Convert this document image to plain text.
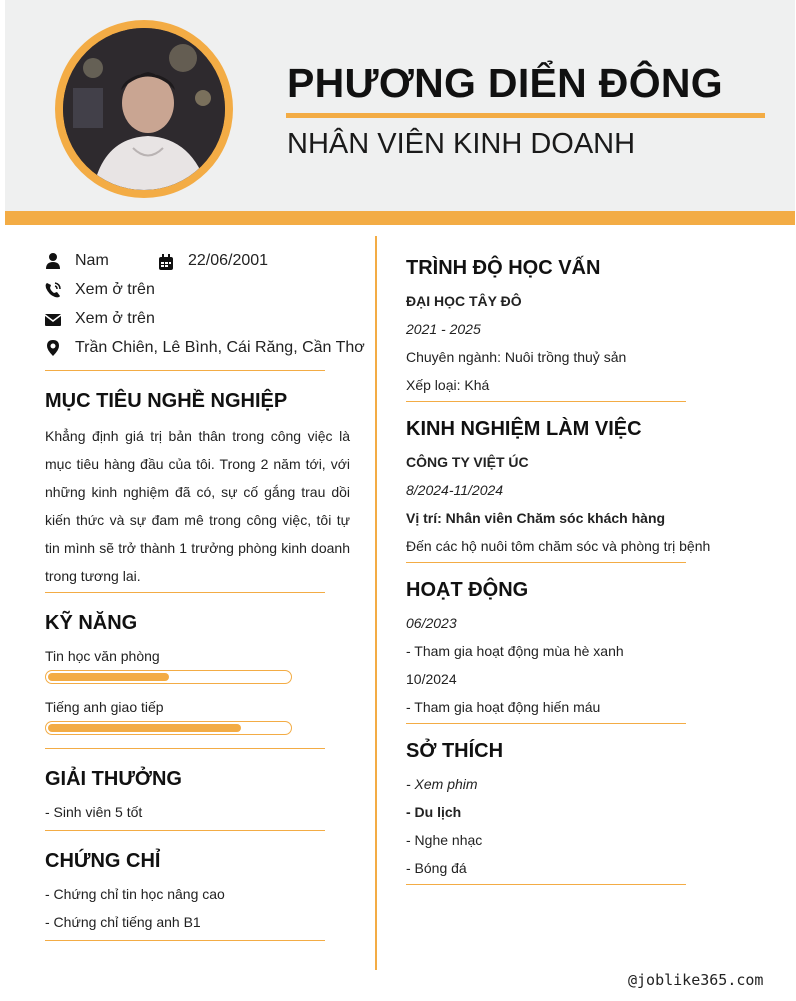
PHƯƠNG DIỂN ĐÔNG
NHÂN VIÊN KINH DOANH
Nam	22/06/2001
Xem ở trên
Xem ở trên
Trần Chiên, Lê Bình, Cái Răng, Cần Thơ
MỤC TIÊU NGHỀ NGHIỆP
Khẳng định giá trị bản thân trong công việc là mục tiêu hàng đầu của tôi. Trong 2 năm tới, với những kinh nghiệm đã có, sự cố gắng trau dồi kiến thức và sự đam mê trong công việc, tôi tự tin mình sẽ trở thành 1 trưởng phòng kinh doanh trong tương lai.
KỸ NĂNG
Tin học văn phòng
Tiếng anh giao tiếp
GIẢI THƯỞNG
- Sinh viên 5 tốt
CHỨNG CHỈ
- Chứng chỉ tin học nâng cao
- Chứng chỉ tiếng anh B1
TRÌNH ĐỘ HỌC VẤN
ĐẠI HỌC TÂY ĐÔ
2021 - 2025
Chuyên ngành: Nuôi trồng thuỷ sản
Xếp loại: Khá
KINH NGHIỆM LÀM VIỆC
CÔNG TY VIỆT ÚC
8/2024-11/2024
Vị trí: Nhân viên Chăm sóc khách hàng
Đến các hộ nuôi tôm chăm sóc và phòng trị bệnh
HOẠT ĐỘNG
06/2023
- Tham gia hoạt động mùa hè xanh
10/2024
- Tham gia hoạt động hiến máu
SỞ THÍCH
- Xem phim
- Du lịch
- Nghe nhạc
- Bóng đá
@joblike365.com
